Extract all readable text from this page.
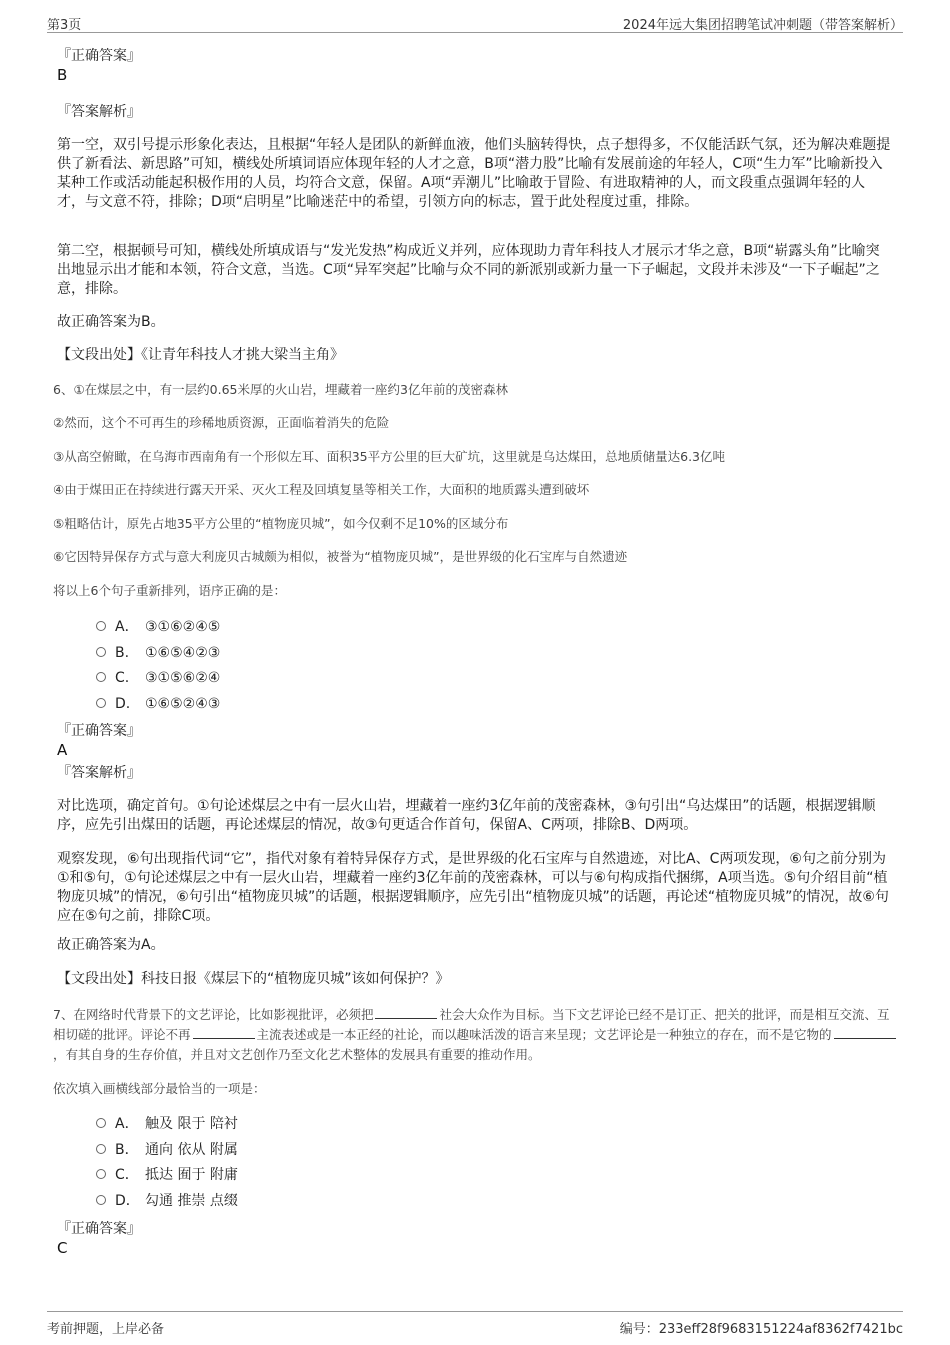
第3页	2024年远大集团招聘笔试冲刺题（带答案解析）
『正确答案』
B
『答案解析』
第一空，双引号提示形象化表达，且根据“年轻人是团队的新鲜血液，他们头脑转得快，点子想得多，不仅能活跃气氛，还为解决难题提供了新看法、新思路”可知，横线处所填词语应体现年轻的人才之意，B项“潜力股”比喻有发展前途的年轻人，C项“生力军”比喻新投入某种工作或活动能起积极作用的人员，均符合文意，保留。A项“弄潮儿”比喻敢于冒险、有进取精神的人，而文段重点强调年轻的人才，与文意不符，排除；D项“启明星”比喻迷茫中的希望，引领方向的标志，置于此处程度过重，排除。
第二空，根据顿号可知，横线处所填成语与“发光发热”构成近义并列，应体现助力青年科技人才展示才华之意，B项“崭露头角”比喻突出地显示出才能和本领，符合文意，当选。C项“异军突起”比喻与众不同的新派别或新力量一下子崛起，文段并未涉及“一下子崛起”之意，排除。
故正确答案为B。
【文段出处】《让青年科技人才挑大梁当主角》
6、①在煤层之中，有一层约0.65米厚的火山岩，埋藏着一座约3亿年前的茂密森林
②然而，这个不可再生的珍稀地质资源，正面临着消失的危险
③从高空俯瞰，在乌海市西南角有一个形似左耳、面积35平方公里的巨大矿坑，这里就是乌达煤田，总地质储量达6.3亿吨
④由于煤田正在持续进行露天开采、灭火工程及回填复垦等相关工作，大面积的地质露头遭到破坏
⑤粗略估计，原先占地35平方公里的“植物庞贝城”，如今仅剩不足10%的区域分布
⑥它因特异保存方式与意大利庞贝古城颇为相似，被誉为“植物庞贝城”，是世界级的化石宝库与自然遗迹
将以上6个句子重新排列，语序正确的是：
A． ③①⑥②④⑤
B. ①⑥⑤④②③
C. ③①⑤⑥②④
D. ①⑥⑤②④③
『正确答案』
A
『答案解析』
对比选项，确定首句。①句论述煤层之中有一层火山岩，埋藏着一座约3亿年前的茂密森林，③句引出“乌达煤田”的话题，根据逻辑顺序，应先引出煤田的话题，再论述煤层的情况，故③句更适合作首句，保留A、C两项，排除B、D两项。
观察发现，⑥句出现指代词“它”，指代对象有着特异保存方式，是世界级的化石宝库与自然遗迹，对比A、C两项发现，⑥句之前分别为①和⑤句，①句论述煤层之中有一层火山岩，埋藏着一座约3亿年前的茂密森林，可以与⑥句构成指代捆绑，A项当选。⑤句介绍目前“植物庞贝城”的情况，⑥句引出“植物庞贝城”的话题，根据逻辑顺序，应先引出“植物庞贝城”的话题，再论述“植物庞贝城”的情况，故⑥句应在⑤句之前，排除C项。
故正确答案为A。
【文段出处】科技日报《煤层下的“植物庞贝城”该如何保护？》
7、在网络时代背景下的文艺评论，比如影视批评，必须把	社会大众作为目标。当下文艺评论已经不是订正、把关的批评，而是相互交流、互相切磋的批评。评论不再	主流表述或是一本正经的社论，而以趣味活泼的语言来呈现；文艺评论是一种独立的存在，而不是它物的，有其自身的生存价值，并且对文艺创作乃至文化艺术整体的发展具有重要的推动作用。
依次填入画横线部分最恰当的一项是：
A． 触及 限于 陪衬
B． 通向 依从 附属
C． 抵达 囿于 附庸
D． 勾通 推崇 点缀
『正确答案』
C
考前押题，上岸必备	编号：233eff28f9683151224af8362f7421bc
